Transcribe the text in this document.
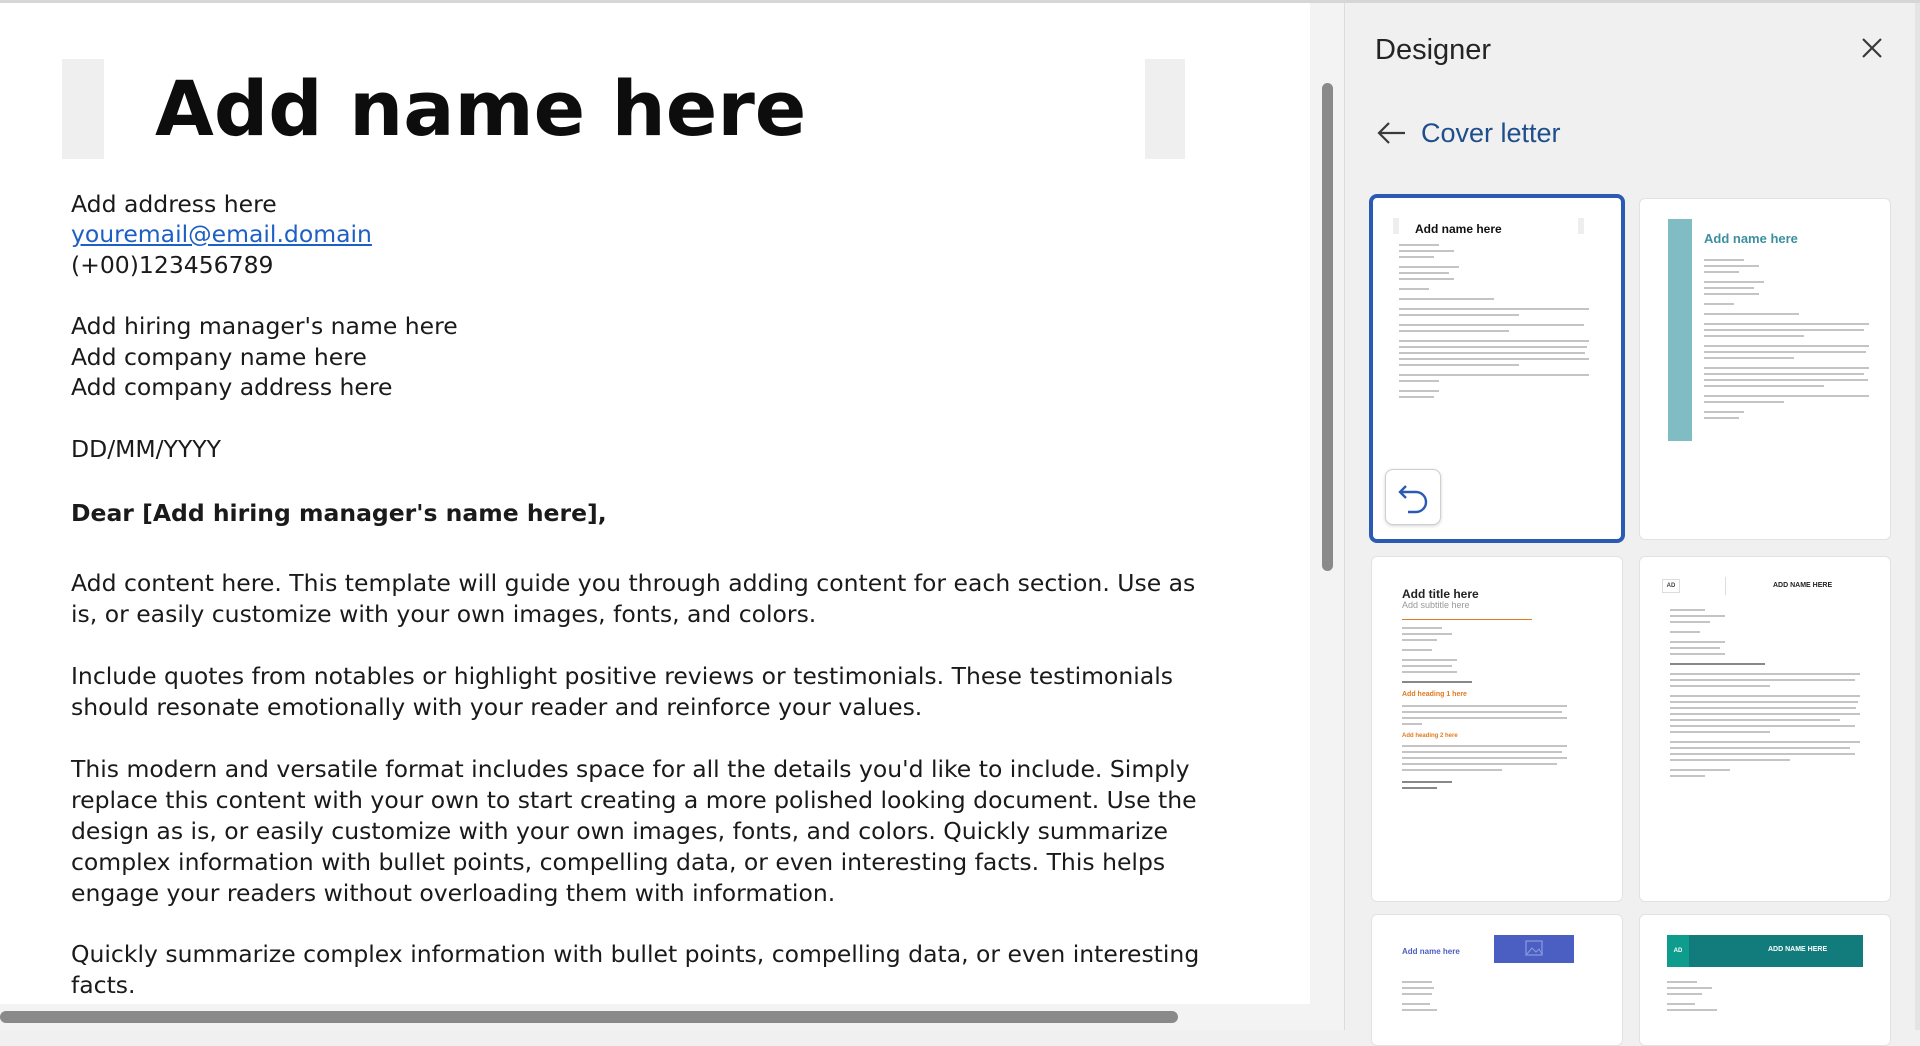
Add name here
Add address here
youremail@email.domain
(+00)123456789
Add hiring manager's name here
Add company name here
Add company address here
DD/MM/YYYY
Dear [Add hiring manager's name here],
Add content here. This template will guide you through adding content for each section. Use as
is, or easily customize with your own images, fonts, and colors.
Include quotes from notables or highlight positive reviews or testimonials. These testimonials
should resonate emotionally with your reader and reinforce your values.
This modern and versatile format includes space for all the details you'd like to include. Simply
replace this content with your own to start creating a more polished looking document. Use the
design as is, or easily customize with your own images, fonts, and colors. Quickly summarize
complex information with bullet points, compelling data, or even interesting facts. This helps
engage your readers without overloading them with information.
Quickly summarize complex information with bullet points, compelling data, or even interesting
facts.
Designer
Cover letter
Add name here
Add name here
Add title here
Add subtitle here
Add heading 1 here
Add heading 2 here
AD	ADD NAME HERE
Add name here	AD	ADD NAME HERE
